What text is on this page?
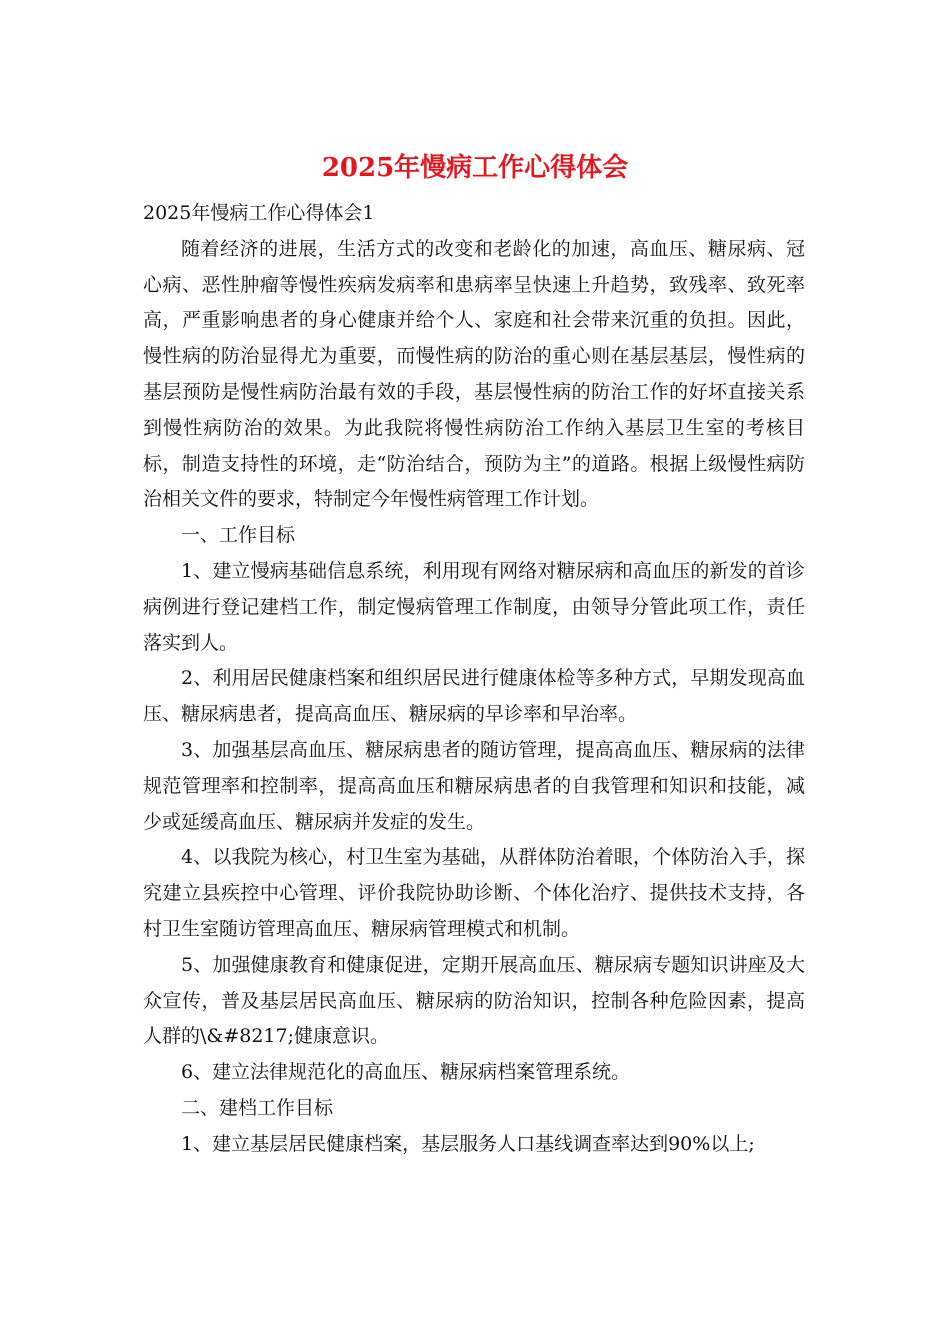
2025年慢病工作心得体会

2025年慢病工作心得体会1

随着经济的进展，生活方式的改变和老龄化的加速，高血压、糖尿病、冠心病、恶性肿瘤等慢性疾病发病率和患病率呈快速上升趋势，致残率、致死率高，严重影响患者的身心健康并给个人、家庭和社会带来沉重的负担。因此，慢性病的防治显得尤为重要，而慢性病的防治的重心则在基层基层，慢性病的基层预防是慢性病防治最有效的手段，基层慢性病的防治工作的好坏直接关系到慢性病防治的效果。为此我院将慢性病防治工作纳入基层卫生室的考核目标，制造支持性的环境，走“防治结合，预防为主”的道路。根据上级慢性病防治相关文件的要求，特制定今年慢性病管理工作计划。

一、工作目标

1、建立慢病基础信息系统，利用现有网络对糖尿病和高血压的新发的首诊病例进行登记建档工作，制定慢病管理工作制度，由领导分管此项工作，责任落实到人。

2、利用居民健康档案和组织居民进行健康体检等多种方式，早期发现高血压、糖尿病患者，提高高血压、糖尿病的早诊率和早治率。

3、加强基层高血压、糖尿病患者的随访管理，提高高血压、糖尿病的法律规范管理率和控制率，提高高血压和糖尿病患者的自我管理和知识和技能，减少或延缓高血压、糖尿病并发症的发生。

4、以我院为核心，村卫生室为基础，从群体防治着眼，个体防治入手，探究建立县疾控中心管理、评价我院协助诊断、个体化治疗、提供技术支持，各村卫生室随访管理高血压、糖尿病管理模式和机制。

5、加强健康教育和健康促进，定期开展高血压、糖尿病专题知识讲座及大众宣传，普及基层居民高血压、糖尿病的防治知识，控制各种危险因素，提高人群的\&#8217;健康意识。

6、建立法律规范化的高血压、糖尿病档案管理系统。

二、建档工作目标

1、建立基层居民健康档案，基层服务人口基线调查率达到90%以上;
